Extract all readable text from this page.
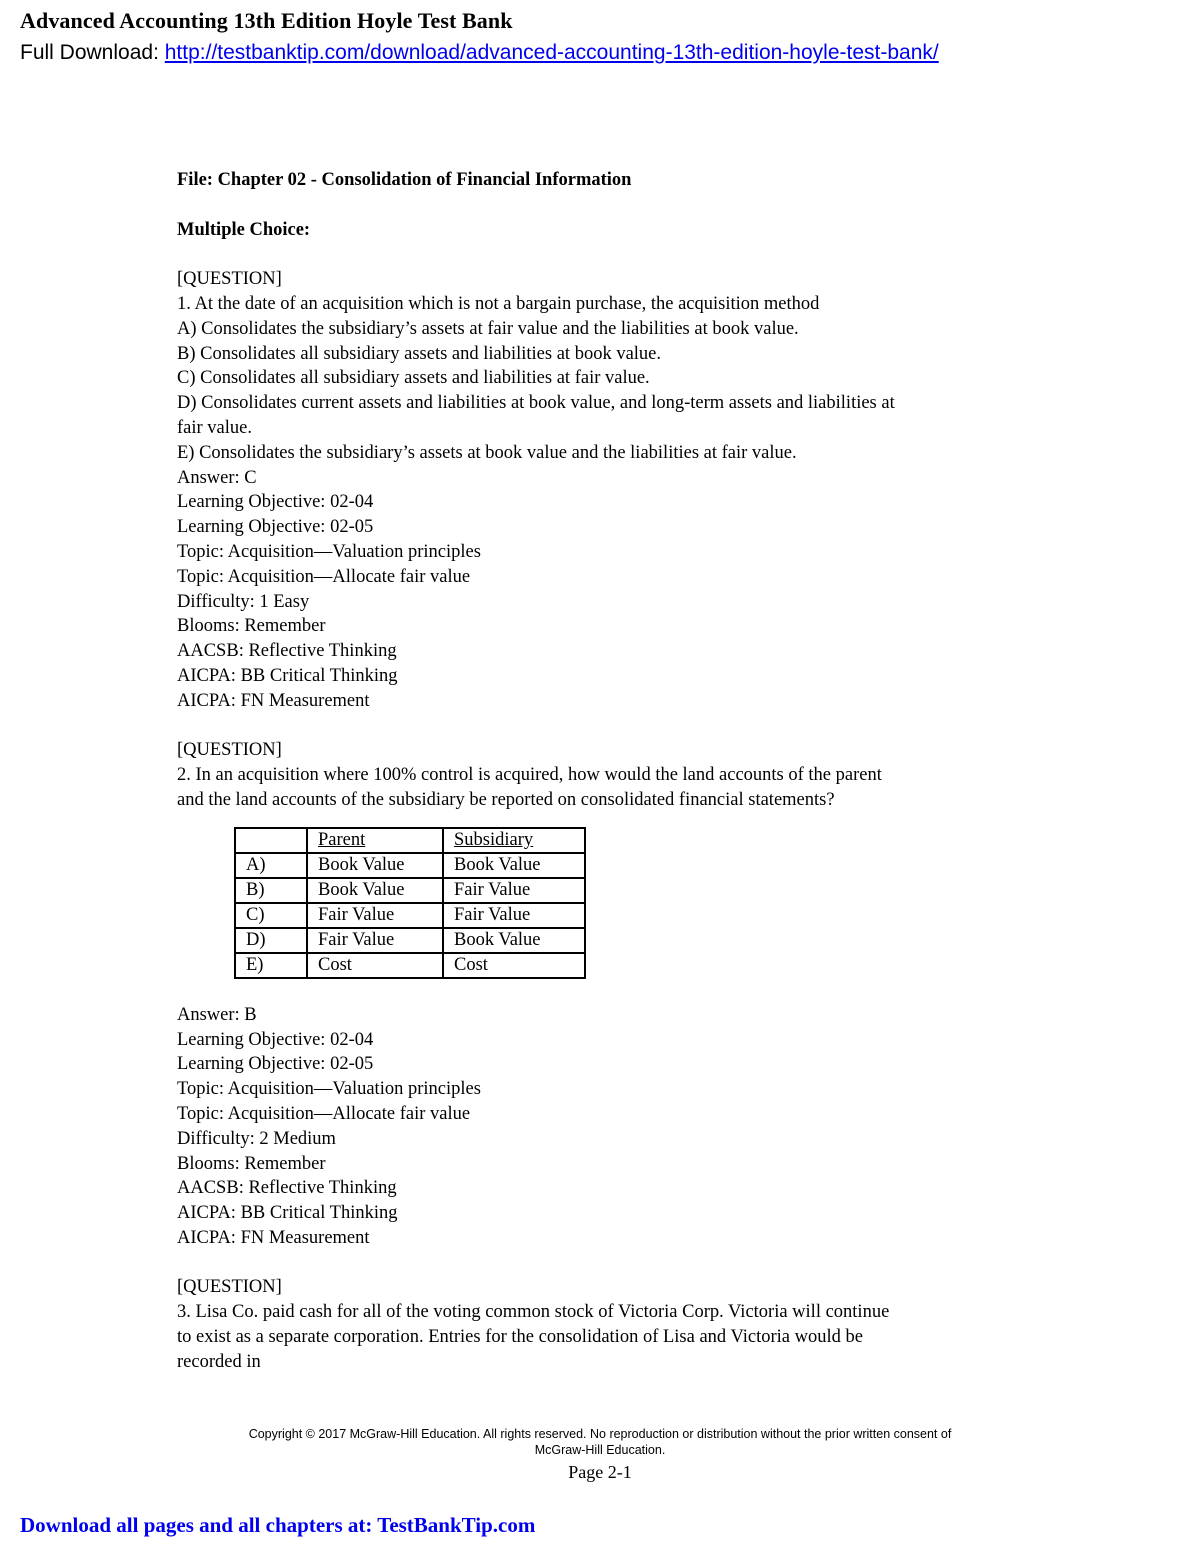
Advanced Accounting 13th Edition Hoyle Test Bank
Full Download: http://testbanktip.com/download/advanced-accounting-13th-edition-hoyle-test-bank/

File: Chapter 02 - Consolidation of Financial Information

Multiple Choice:

[QUESTION]

1. At the date of an acquisition which is not a bargain purchase, the acquisition method

A) Consolidates the subsidiary’s assets at fair value and the liabilities at book value.

B) Consolidates all subsidiary assets and liabilities at book value.

C) Consolidates all subsidiary assets and liabilities at fair value.

D) Consolidates current assets and liabilities at book value, and long-term assets and liabilities at

fair value.

E) Consolidates the subsidiary’s assets at book value and the liabilities at fair value.

Answer: C

Learning Objective: 02-04

Learning Objective: 02-05

Topic: Acquisition—Valuation principles

Topic: Acquisition—Allocate fair value

Difficulty: 1 Easy

Blooms: Remember

AACSB: Reflective Thinking

AICPA: BB Critical Thinking

AICPA: FN Measurement

[QUESTION]

2. In an acquisition where 100% control is acquired, how would the land accounts of the parent

and the land accounts of the subsidiary be reported on consolidated financial statements?

	Parent	Subsidiary
A)	Book Value	Book Value
B)	Book Value	Fair Value
C)	Fair Value	Fair Value
D)	Fair Value	Book Value
E)	Cost	Cost

Answer: B

Learning Objective: 02-04

Learning Objective: 02-05

Topic: Acquisition—Valuation principles

Topic: Acquisition—Allocate fair value

Difficulty: 2 Medium

Blooms: Remember

AACSB: Reflective Thinking

AICPA: BB Critical Thinking

AICPA: FN Measurement

[QUESTION]

3. Lisa Co. paid cash for all of the voting common stock of Victoria Corp. Victoria will continue

to exist as a separate corporation. Entries for the consolidation of Lisa and Victoria would be

recorded in

Copyright © 2017 McGraw-Hill Education. All rights reserved. No reproduction or distribution without the prior written consent of
McGraw-Hill Education.
Page 2-1
Download all pages and all chapters at: TestBankTip.com
